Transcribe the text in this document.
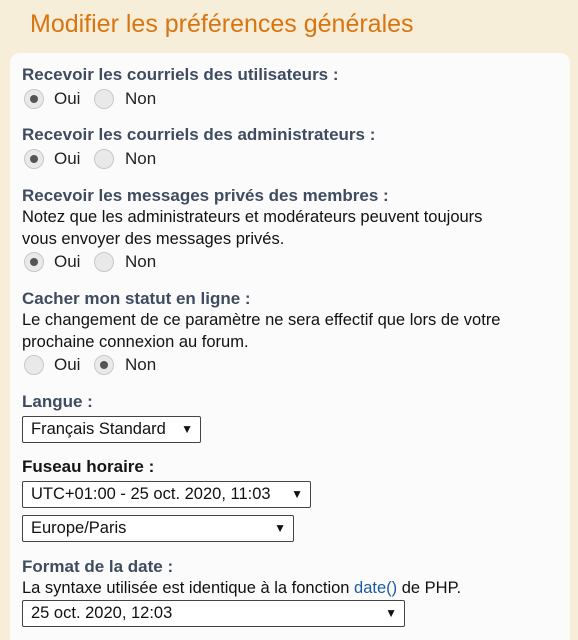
Modifier les préférences générales
Recevoir les courriels des utilisateurs :
Oui	Non
Recevoir les courriels des administrateurs :
Oui	Non
Recevoir les messages privés des membres :
Notez que les administrateurs et modérateurs peuvent toujours
vous envoyer des messages privés.
Oui	Non
Cacher mon statut en ligne :
Le changement de ce paramètre ne sera effectif que lors de votre
prochaine connexion au forum.
Oui	Non
Langue :
Français Standard ▼
Fuseau horaire :
UTC+01:00 - 25 oct. 2020, 11:03 ▼
Europe/Paris	▼
Format de la date :
La syntaxe utilisée est identique à la fonction date() de PHP.
25 oct. 2020, 12:03	▼
